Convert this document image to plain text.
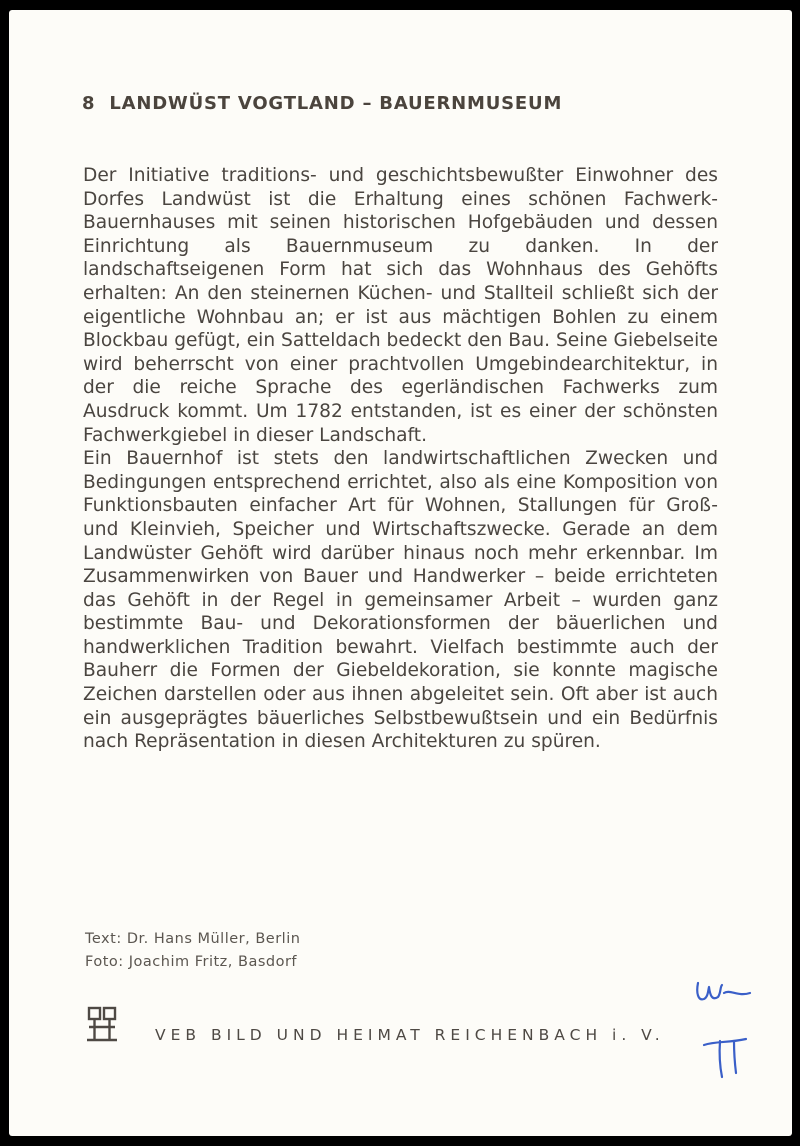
8 LANDWÜST VOGTLAND – BAUERNMUSEUM

Der Initiative traditions- und geschichtsbewußter Einwohner des Dorfes Landwüst ist die Erhaltung eines schönen Fachwerk-Bauernhauses mit seinen historischen Hofgebäuden und dessen Einrichtung als Bauernmuseum zu danken. In der landschaftseigenen Form hat sich das Wohnhaus des Gehöfts erhalten: An den steinernen Küchen- und Stallteil schließt sich der eigentliche Wohnbau an; er ist aus mächtigen Bohlen zu einem Blockbau gefügt, ein Satteldach bedeckt den Bau. Seine Giebelseite wird beherrscht von einer prachtvollen Umgebindearchitektur, in der die reiche Sprache des egerländischen Fachwerks zum Ausdruck kommt. Um 1782 entstanden, ist es einer der schönsten Fachwerkgiebel in dieser Landschaft.

Ein Bauernhof ist stets den landwirtschaftlichen Zwecken und Bedingungen entsprechend errichtet, also als eine Komposition von Funktionsbauten einfacher Art für Wohnen, Stallungen für Groß- und Kleinvieh, Speicher und Wirtschaftszwecke. Gerade an dem Landwüster Gehöft wird darüber hinaus noch mehr erkennbar. Im Zusammenwirken von Bauer und Handwerker – beide errichteten das Gehöft in der Regel in gemeinsamer Arbeit – wurden ganz bestimmte Bau- und Dekorationsformen der bäuerlichen und handwerklichen Tradition bewahrt. Vielfach bestimmte auch der Bauherr die Formen der Giebeldekoration, sie konnte magische Zeichen darstellen oder aus ihnen abgeleitet sein. Oft aber ist auch ein ausgeprägtes bäuerliches Selbstbewußtsein und ein Bedürfnis nach Repräsentation in diesen Architekturen zu spüren.

Text: Dr. Hans Müller, Berlin
Foto: Joachim Fritz, Basdorf
VEB BILD UND HEIMAT REICHENBACH i. V.
